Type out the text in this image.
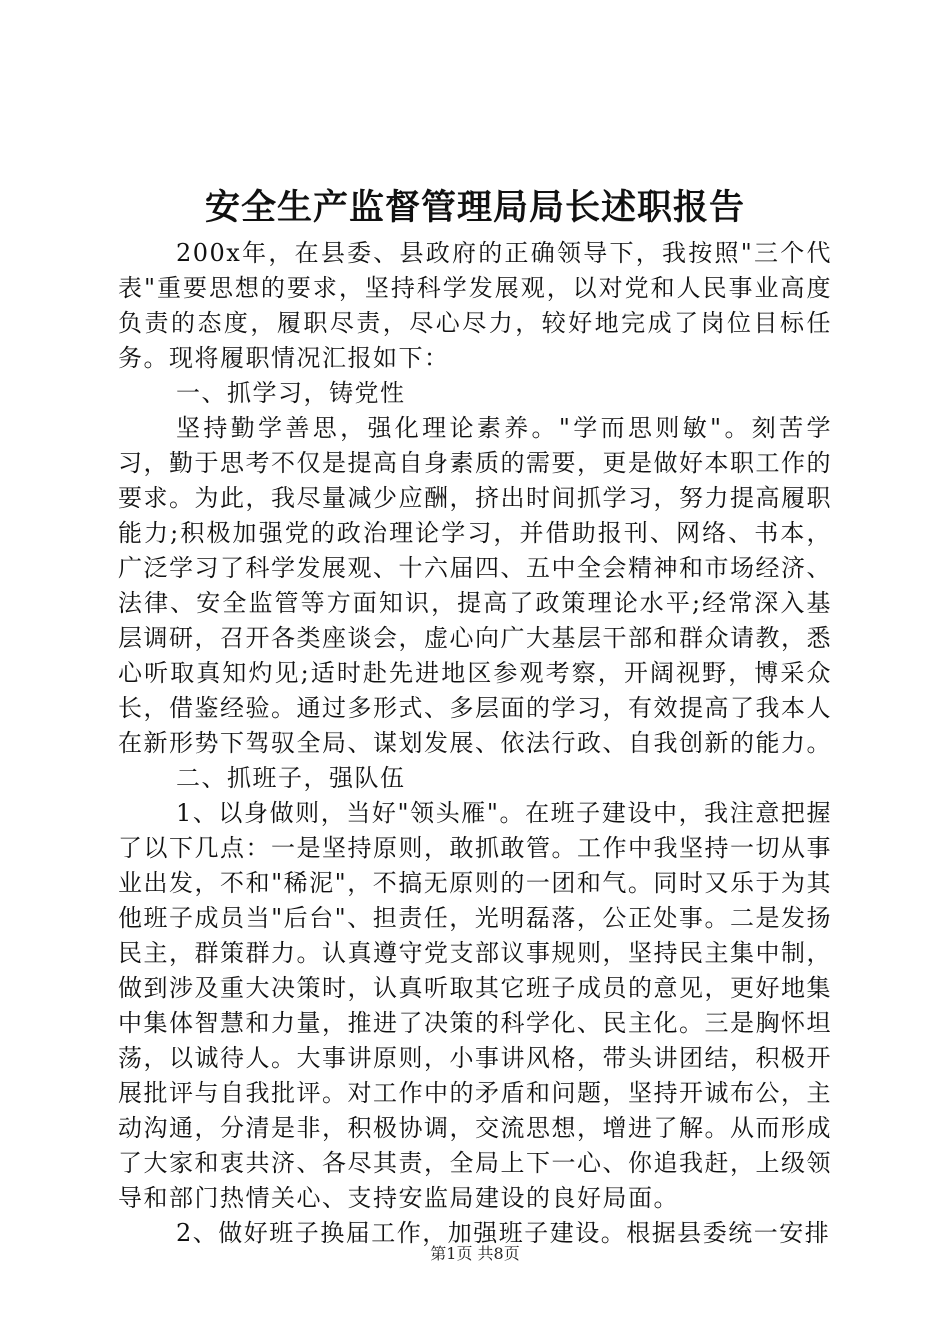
安全生产监督管理局局长述职报告

200x年，在县委、县政府的正确领导下，我按照"三个代表"重要思想的要求，坚持科学发展观，以对党和人民事业高度负责的态度，履职尽责，尽心尽力，较好地完成了岗位目标任务。现将履职情况汇报如下：

一、抓学习，铸党性

坚持勤学善思，强化理论素养。"学而思则敏"。刻苦学习，勤于思考不仅是提高自身素质的需要，更是做好本职工作的要求。为此，我尽量减少应酬，挤出时间抓学习，努力提高履职能力;积极加强党的政治理论学习，并借助报刊、网络、书本，广泛学习了科学发展观、十六届四、五中全会精神和市场经济、法律、安全监管等方面知识，提高了政策理论水平;经常深入基层调研，召开各类座谈会，虚心向广大基层干部和群众请教，悉心听取真知灼见;适时赴先进地区参观考察，开阔视野，博采众长，借鉴经验。通过多形式、多层面的学习，有效提高了我本人在新形势下驾驭全局、谋划发展、依法行政、自我创新的能力。

二、抓班子，强队伍

1、以身做则，当好"领头雁"。在班子建设中，我注意把握了以下几点：一是坚持原则，敢抓敢管。工作中我坚持一切从事业出发，不和"稀泥"，不搞无原则的一团和气。同时又乐于为其他班子成员当"后台"、担责任，光明磊落，公正处事。二是发扬民主，群策群力。认真遵守党支部议事规则，坚持民主集中制，做到涉及重大决策时，认真听取其它班子成员的意见，更好地集中集体智慧和力量，推进了决策的科学化、民主化。三是胸怀坦荡，以诚待人。大事讲原则，小事讲风格，带头讲团结，积极开展批评与自我批评。对工作中的矛盾和问题，坚持开诚布公，主动沟通，分清是非，积极协调，交流思想，增进了解。从而形成了大家和衷共济、各尽其责，全局上下一心、你追我赶，上级领导和部门热情关心、支持安监局建设的良好局面。

2、做好班子换届工作，加强班子建设。根据县委统一安排

第1页 共8页
